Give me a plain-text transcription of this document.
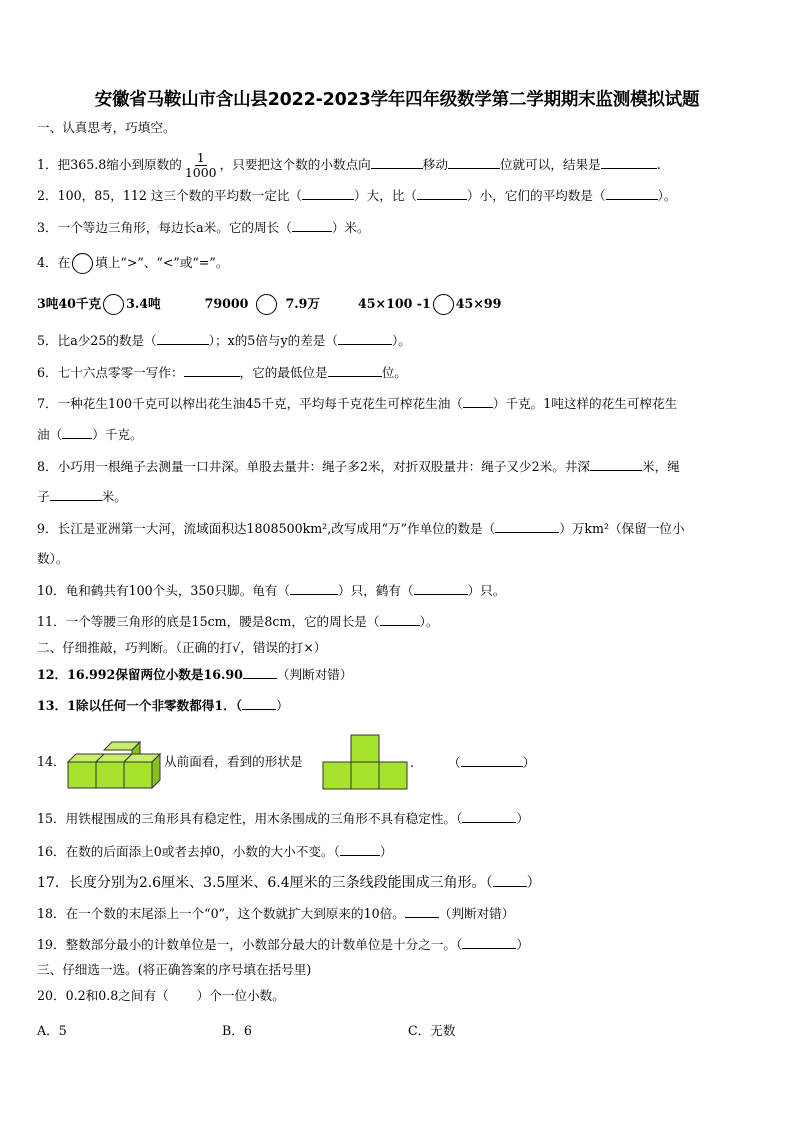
安徽省马鞍山市含山县2022-2023学年四年级数学第二学期期末监测模拟试题
一、认真思考，巧填空。
1．把365.8缩小到原数的 $\frac{1}{1000}$ ，只要把这个数的小数点向	移动	位就可以，结果是	.
2．100，85，112 这三个数的平均数一定比（	）大，比（	）小，它们的平均数是（	）。
3．一个等边三角形，每边长a米。它的周长（	）米。
4．在 填上“>”、“<”或“=”。
3吨40千克 3.4吨	79000	7.9万	45×100 -1 45×99
5．比a少25的数是（	）；x的5倍与y的差是（	）。
6．七十六点零零一写作：	，它的最低位是	位。
7．一种花生100千克可以榨出花生油45千克，平均每千克花生可榨花生油（ ）千克。1吨这样的花生可榨花生
油（ ）千克。
8．小巧用一根绳子去测量一口井深。单股去量井：绳子多2米，对折双股量井：绳子又少2米。井深	米，绳
子	米。
9．长江是亚洲第一大河，流域面积达1808500km²,改写成用“万”作单位的数是（	）万km²（保留一位小
数）。
10．龟和鹤共有100个头，350只脚。龟有（	）只，鹤有（	）只。
11．一个等腰三角形的底是15cm，腰是8cm，它的周长是（	）。
二、仔细推敲，巧判断。（正确的打√，错误的打×）
12．16.992保留两位小数是16.90	（判断对错）
13．1除以任何一个非零数都得1．（	）
14．	从前面看，看到的形状是	.	（	）
15．用铁棍围成的三角形具有稳定性，用木条围成的三角形不具有稳定性。（	）
16．在数的后面添上0或者去掉0，小数的大小不变。（	）
17．长度分别为2.6厘米、3.5厘米、6.4厘米的三条线段能围成三角形。（ ）
18．在一个数的末尾添上一个“0”，这个数就扩大到原来的10倍。	（判断对错）
19．整数部分最小的计数单位是一，小数部分最大的计数单位是十分之一。（	）
三、仔细选一选。(将正确答案的序号填在括号里)
20．0.2和0.8之间有（ ）个一位小数。
A．5	B．6	C．无数
